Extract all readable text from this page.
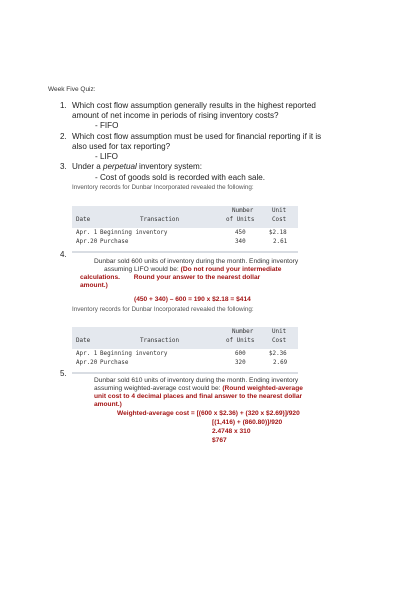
Week Five Quiz:
1. Which cost flow assumption generally results in the highest reported
amount of net income in periods of rising inventory costs?
- FIFO
2. Which cost flow assumption must be used for financial reporting if it is
also used for tax reporting?
- LIFO
3. Under a perpetual inventory system:
- Cost of goods sold is recorded with each sale.
Inventory records for Dunbar Incorporated revealed the following:
Number	Unit
Date	Transaction	of Units	Cost
Apr. 1 Beginning inventory	450	$2.18
Apr.20 Purchase	340	2.61
4.
Dunbar sold 600 units of inventory during the month. Ending inventory
assuming LIFO would be: (Do not round your intermediate
calculations. Round your answer to the nearest dollar
amount.)
(450 + 340) – 600 = 190 x $2.18 = $414
Inventory records for Dunbar Incorporated revealed the following:
Number	Unit
Date	Transaction	of Units	Cost
Apr. 1 Beginning inventory	600	$2.36
Apr.20 Purchase	320	2.69
5.
Dunbar sold 610 units of inventory during the month. Ending inventory
assuming weighted-average cost would be: (Round weighted-average
unit cost to 4 decimal places and final answer to the nearest dollar
amount.)
Weighted-average cost = [(600 x $2.36) + (320 x $2.69)]/920
[(1,416) + (860.80)]/920
2.4748 x 310
$767
